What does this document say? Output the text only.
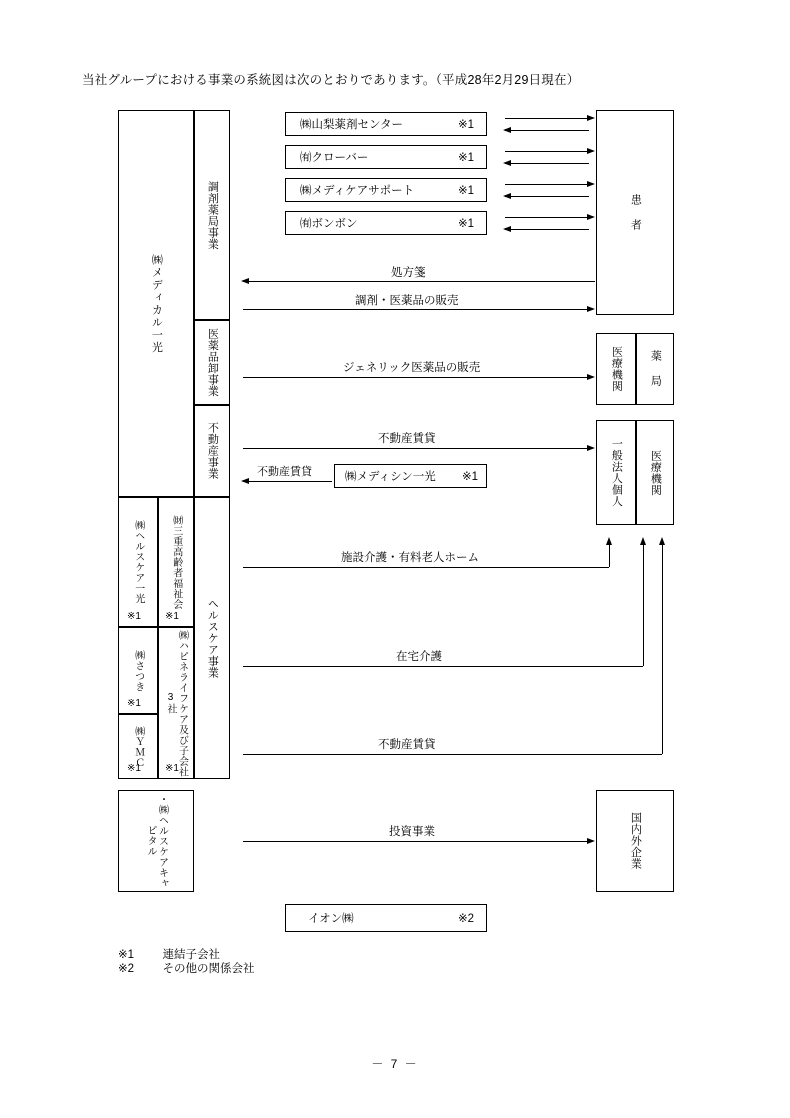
当社グループにおける事業の系統図は次のとおりであります。（平成28年2月29日現在）
㈱メディカル一光
調剤薬局事業
医薬品卸事業
不動産事業
ヘルスケア事業
㈱山梨薬剤センター	※1
㈲クローバー	※1
㈱メディケアサポート	※1
㈲ボンボン	※1	患　者
処方箋
調剤・医薬品の販売
医療機関 薬　局
ジェネリック医薬品の販売
一般法人個人 医療機関
不動産賃貸
㈱メディシン一光 ※1
不動産賃貸
㈱ヘルスケア一光
※1
㈱さつき
※1
㈱ＹＭＣ
※1
㈶三重高齢者福祉会
※1
㈱ハピネライフケア及び子会社3社
※1
施設介護・有料老人ホーム
在宅介護
不動産賃貸
・㈱ヘルスケアキャピタル	国内外企業
投資事業
イオン㈱	※2
※1 連結子会社
※2 その他の関係会社
－ 7 －
